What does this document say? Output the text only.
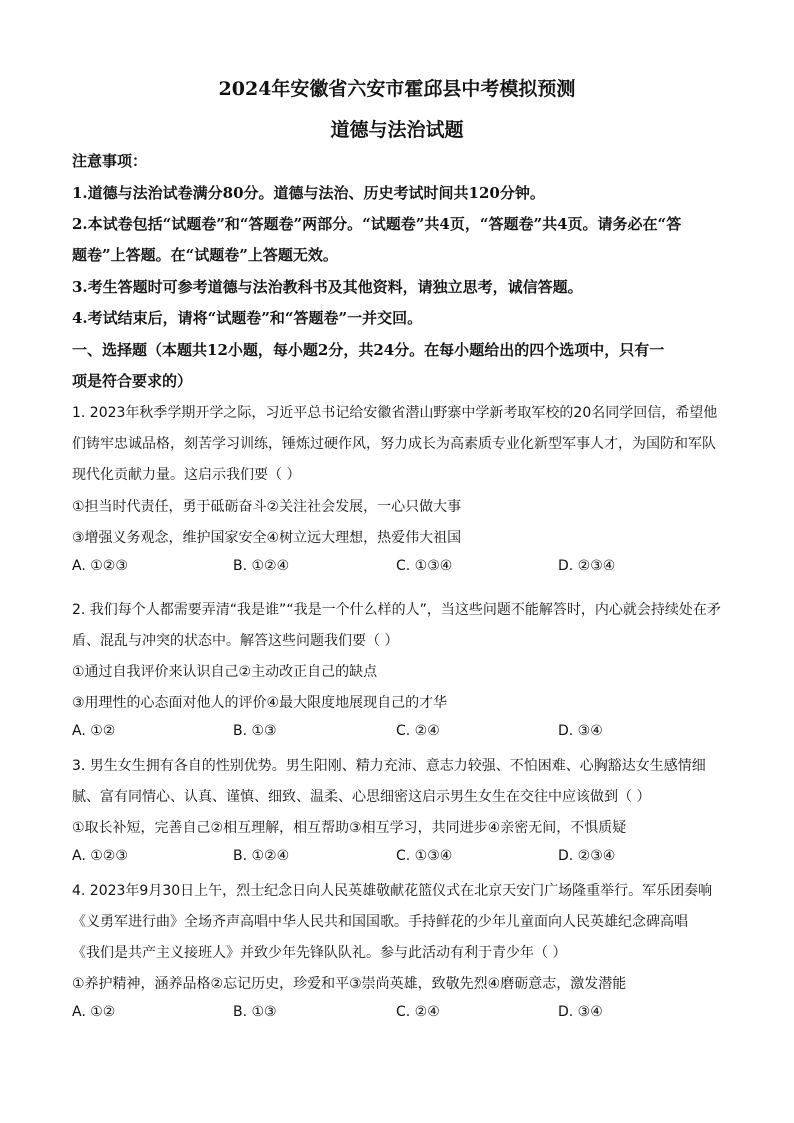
2024年安徽省六安市霍邱县中考模拟预测
道德与法治试题
注意事项：
1.道德与法治试卷满分80分。道德与法治、历史考试时间共120分钟。
2.本试卷包括“试题卷”和“答题卷”两部分。“试题卷”共4页，“答题卷”共4页。请务必在“答
题卷”上答题。在“试题卷”上答题无效。
3.考生答题时可参考道德与法治教科书及其他资料，请独立思考，诚信答题。
4.考试结束后，请将“试题卷”和“答题卷”一并交回。
一、选择题（本题共12小题，每小题2分，共24分。在每小题给出的四个选项中，只有一
项是符合要求的）
1. 2023年秋季学期开学之际，习近平总书记给安徽省潜山野寨中学新考取军校的20名同学回信，希望他
们铸牢忠诚品格，刻苦学习训练，锤炼过硬作风，努力成长为高素质专业化新型军事人才，为国防和军队
现代化贡献力量。这启示我们要（ ）
①担当时代责任，勇于砥砺奋斗②关注社会发展，一心只做大事
③增强义务观念，维护国家安全④树立远大理想，热爱伟大祖国
A. ①②③	B. ①②④	C. ①③④	D. ②③④
2. 我们每个人都需要弄清“我是谁”“我是一个什么样的人”，当这些问题不能解答时，内心就会持续处在矛
盾、混乱与冲突的状态中。解答这些问题我们要（ ）
①通过自我评价来认识自己②主动改正自己的缺点
③用理性的心态面对他人的评价④最大限度地展现自己的才华
A. ①②	B. ①③	C. ②④	D. ③④
3. 男生女生拥有各自的性别优势。男生阳刚、精力充沛、意志力较强、不怕困难、心胸豁达女生感情细
腻、富有同情心、认真、谨慎、细致、温柔、心思细密这启示男生女生在交往中应该做到（ ）
①取长补短，完善自己②相互理解，相互帮助③相互学习，共同进步④亲密无间，不惧质疑
A. ①②③	B. ①②④	C. ①③④	D. ②③④
4. 2023年9月30日上午，烈士纪念日向人民英雄敬献花篮仪式在北京天安门广场隆重举行。军乐团奏响
《义勇军进行曲》全场齐声高唱中华人民共和国国歌。手持鲜花的少年儿童面向人民英雄纪念碑高唱
《我们是共产主义接班人》并致少年先锋队队礼。参与此活动有利于青少年（ ）
①养护精神，涵养品格②忘记历史，珍爱和平③崇尚英雄，致敬先烈④磨砺意志，激发潜能
A. ①②	B. ①③	C. ②④	D. ③④
